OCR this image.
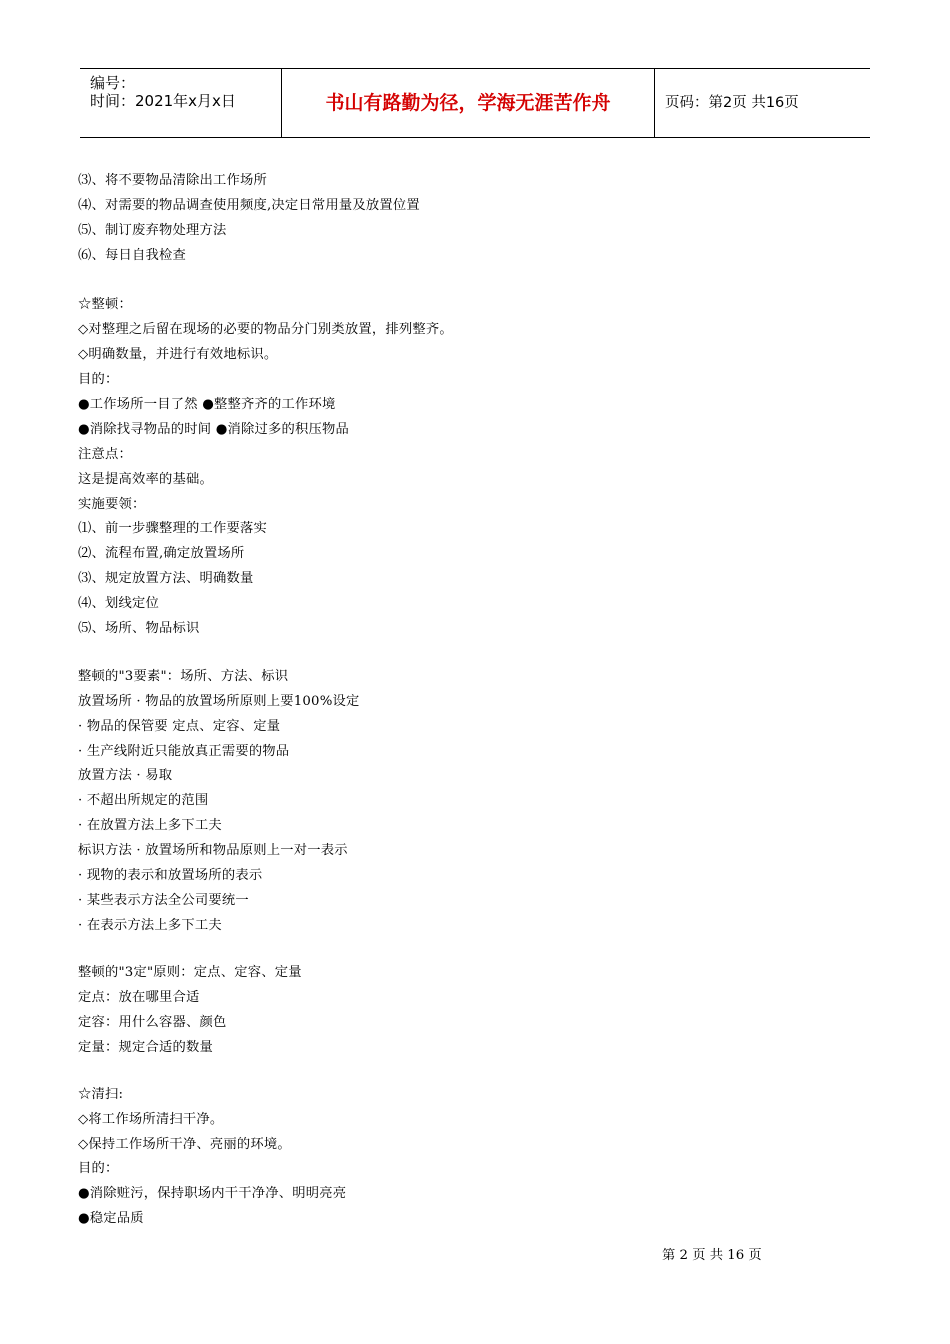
编号：
时间：2021年x月x日	书山有路勤为径，学海无涯苦作舟	页码：第2页 共16页
⑶、将不要物品清除出工作场所
⑷、对需要的物品调查使用频度,决定日常用量及放置位置
⑸、制订废弃物处理方法
⑹、每日自我检查
☆整顿：
◇对整理之后留在现场的必要的物品分门别类放置，排列整齐。
◇明确数量，并进行有效地标识。
目的：
●工作场所一目了然 ●整整齐齐的工作环境
●消除找寻物品的时间 ●消除过多的积压物品
注意点：
这是提高效率的基础。
实施要领：
⑴、前一步骤整理的工作要落实
⑵、流程布置,确定放置场所
⑶、规定放置方法、明确数量
⑷、划线定位
⑸、场所、物品标识
整顿的"3要素"：场所、方法、标识
放置场所 · 物品的放置场所原则上要100%设定
· 物品的保管要 定点、定容、定量
· 生产线附近只能放真正需要的物品
放置方法 · 易取
· 不超出所规定的范围
· 在放置方法上多下工夫
标识方法 · 放置场所和物品原则上一对一表示
· 现物的表示和放置场所的表示
· 某些表示方法全公司要统一
· 在表示方法上多下工夫
整顿的"3定"原则：定点、定容、定量
定点：放在哪里合适
定容：用什么容器、颜色
定量：规定合适的数量
☆清扫:
◇将工作场所清扫干净。
◇保持工作场所干净、亮丽的环境。
目的：
●消除赃污，保持职场内干干净净、明明亮亮
●稳定品质
第 2 页 共 16 页
